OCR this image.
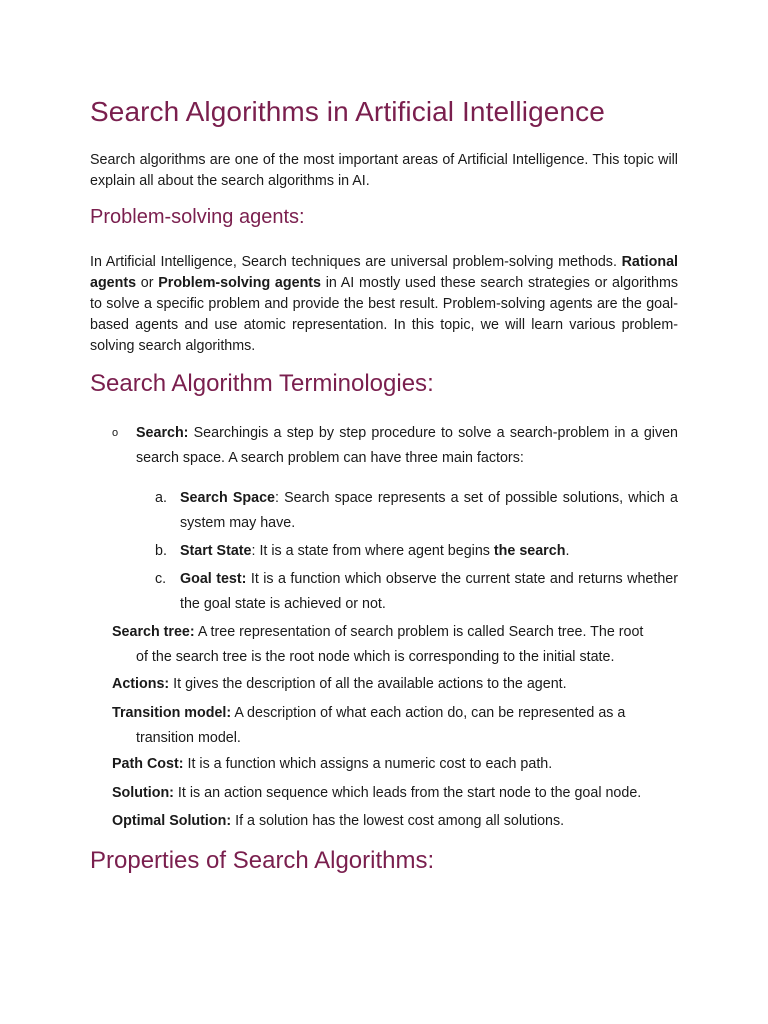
Search Algorithms in Artificial Intelligence

Search algorithms are one of the most important areas of Artificial Intelligence. This topic will explain all about the search algorithms in AI.

Problem-solving agents:

In Artificial Intelligence, Search techniques are universal problem-solving methods. Rational agents or Problem-solving agents in AI mostly used these search strategies or algorithms to solve a specific problem and provide the best result. Problem-solving agents are the goal-based agents and use atomic representation. In this topic, we will learn various problem-solving search algorithms.

Search Algorithm Terminologies:
o Search: Searchingis a step by step procedure to solve a search-problem in a given search space. A search problem can have three main factors:
a. Search Space: Search space represents a set of possible solutions, which a system may have.
b. Start State: It is a state from where agent begins the search.
c. Goal test: It is a function which observe the current state and returns whether the goal state is achieved or not.
Search tree: A tree representation of search problem is called Search tree. The root
of the search tree is the root node which is corresponding to the initial state.
Actions: It gives the description of all the available actions to the agent.
Transition model: A description of what each action do, can be represented as a
transition model.
Path Cost: It is a function which assigns a numeric cost to each path.
Solution: It is an action sequence which leads from the start node to the goal node.
Optimal Solution: If a solution has the lowest cost among all solutions.
Properties of Search Algorithms:
